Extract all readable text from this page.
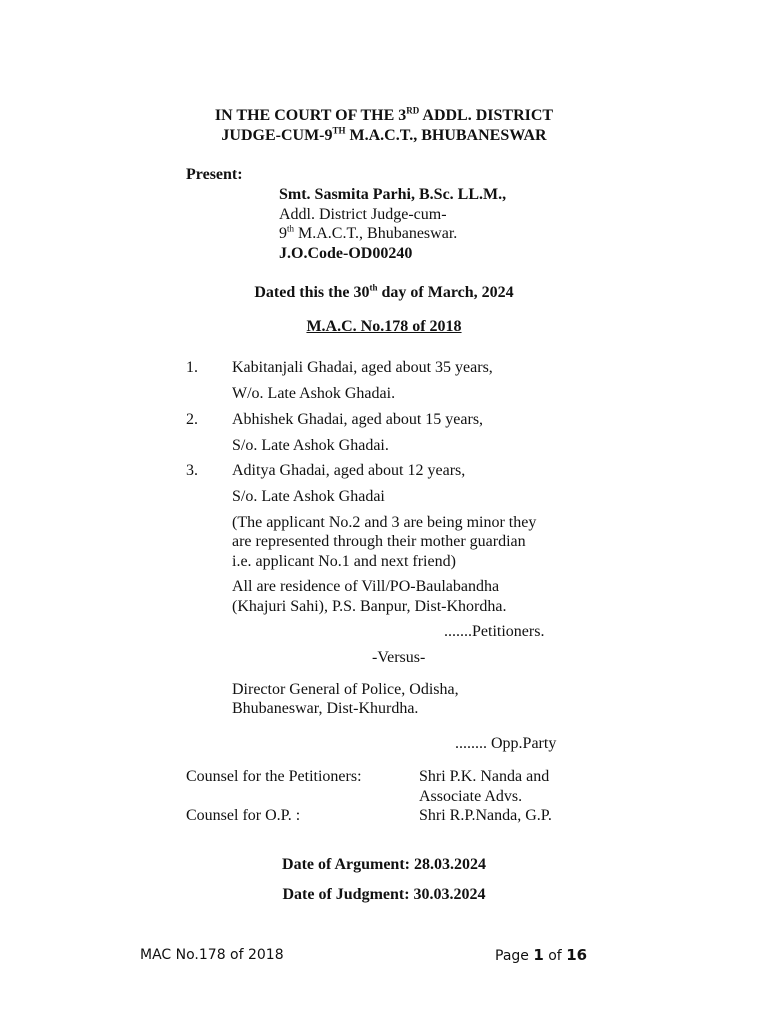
IN THE COURT OF THE 3RD ADDL. DISTRICT
JUDGE-CUM-9TH M.A.C.T., BHUBANESWAR
Present:
Smt. Sasmita Parhi, B.Sc. LL.M.,
Addl. District Judge-cum-
9th M.A.C.T., Bhubaneswar.
J.O.Code-OD00240
Dated this the 30th day of March, 2024
M.A.C. No.178 of 2018
1. Kabitanjali Ghadai, aged about 35 years,
W/o. Late Ashok Ghadai.
2. Abhishek Ghadai, aged about 15 years,
S/o. Late Ashok Ghadai.
3. Aditya Ghadai, aged about 12 years,
S/o. Late Ashok Ghadai
(The applicant No.2 and 3 are being minor they
are represented through their mother guardian
i.e. applicant No.1 and next friend)
All are residence of Vill/PO-Baulabandha
(Khajuri Sahi), P.S. Banpur, Dist-Khordha.
.......Petitioners.
-Versus-
Director General of Police, Odisha,
Bhubaneswar, Dist-Khurdha.
........ Opp.Party
Counsel for the Petitioners:	Shri P.K. Nanda and
Associate Advs.
Counsel for O.P. :	Shri R.P.Nanda, G.P.
Date of Argument: 28.03.2024
Date of Judgment: 30.03.2024
MAC No.178 of 2018	Page 1 of 16
